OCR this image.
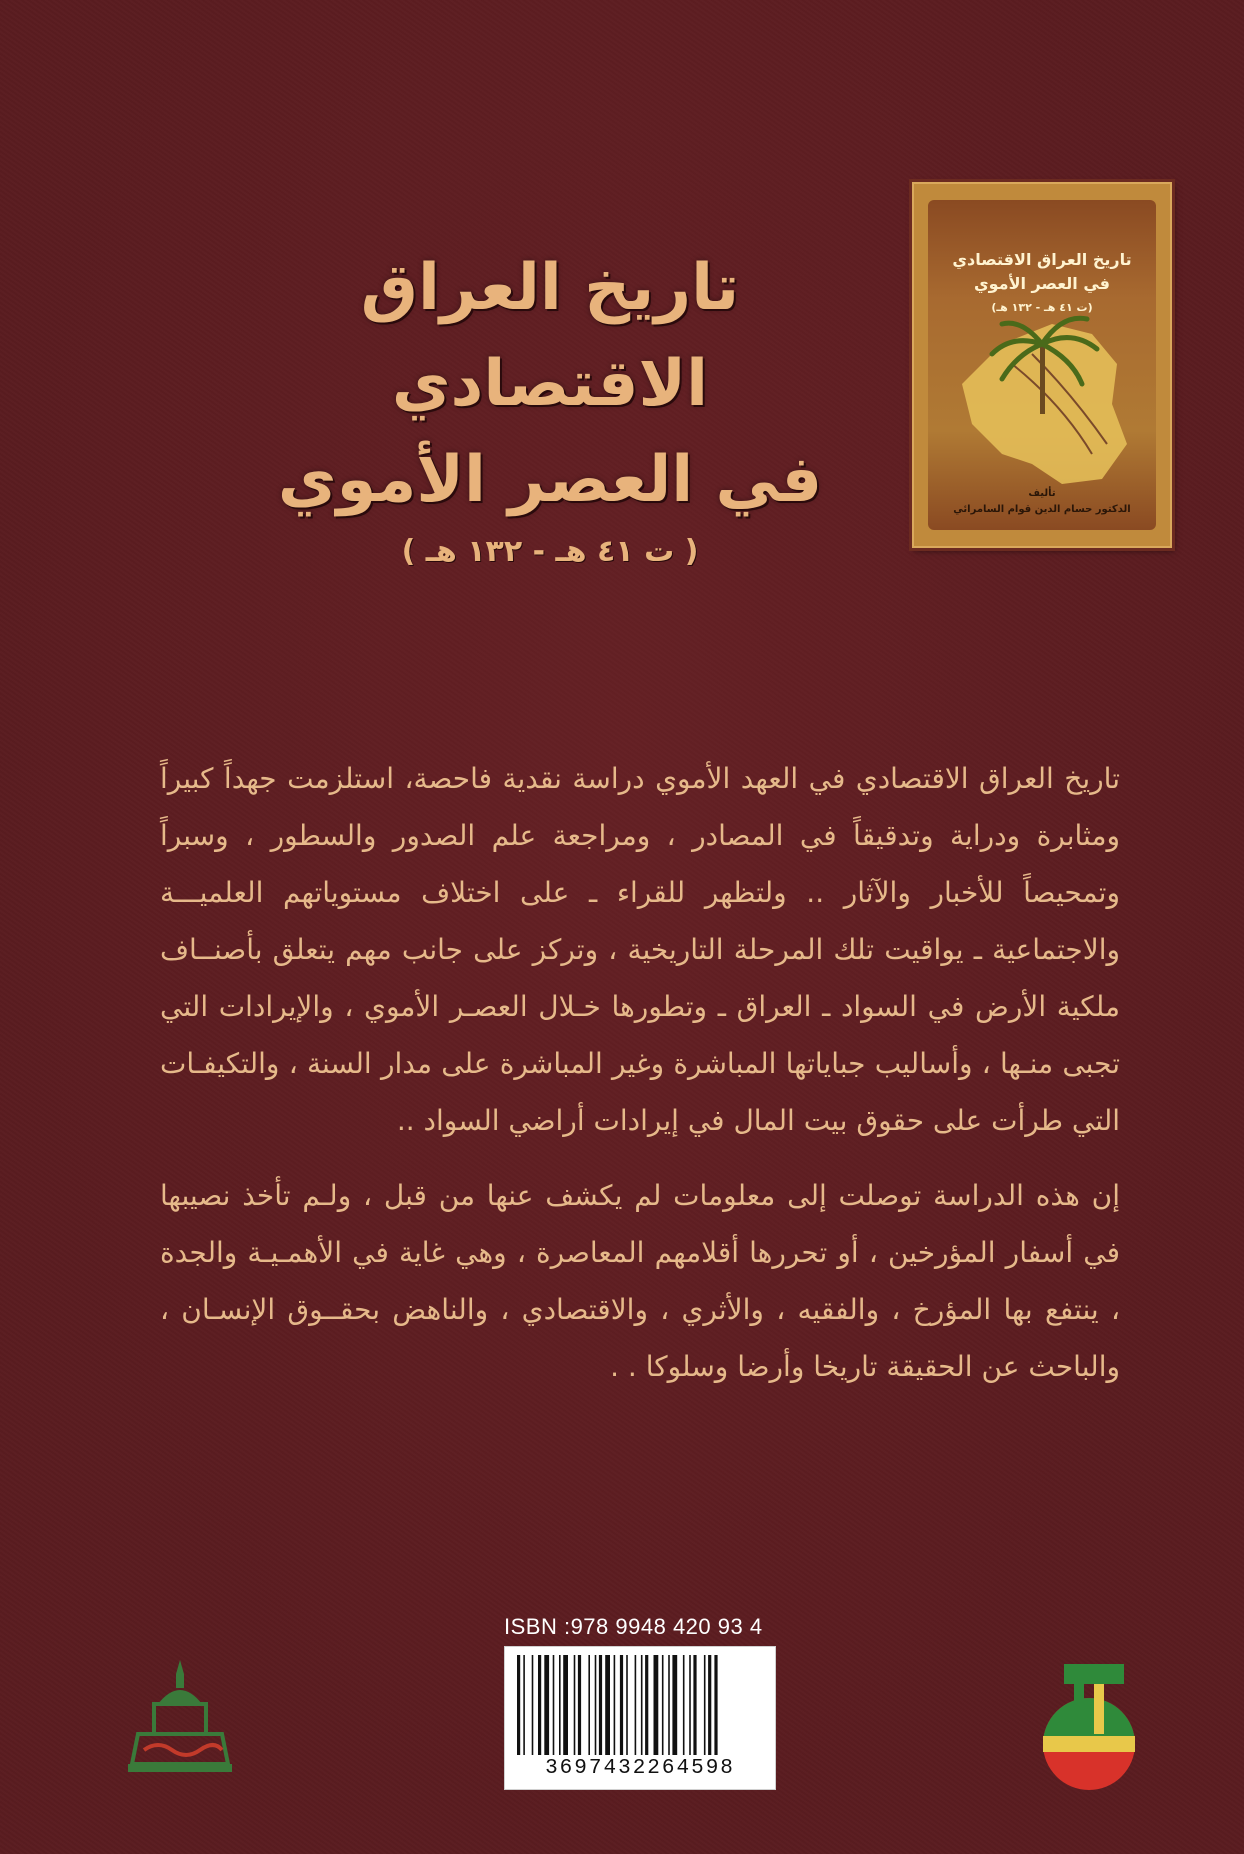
تاريخ العراق الاقتصادي
في العصر الأموي
( ت ٤١ هـ - ١٣٢ هـ )
تاريخ العراق الاقتصادي
في العصر الأموي
(ت ٤١ هـ - ١٣٢ هـ)
تأليف
الدكتور حسام الدين قوام السامرائي

تاريخ العراق الاقتصادي في العهد الأموي دراسة نقدية فاحصة، استلزمت جهداً كبيراً ومثابرة ودراية وتدقيقاً في المصادر ، ومراجعة علم الصدور والسطور ، وسبراً وتمحيصاً للأخبار والآثار .. ولتظهر للقراء ـ على اختلاف مستوياتهم العلميـــة والاجتماعية ـ يواقيت تلك المرحلة التاريخية ، وتركز على جانب مهم يتعلق بأصنــاف ملكية الأرض في السواد ـ العراق ـ وتطورها خـلال العصـر الأموي ، والإيرادات التي تجبى منـها ، وأساليب جباياتها المباشرة وغير المباشرة على مدار السنة ، والتكيفـات التي طرأت على حقوق بيت المال في إيرادات أراضي السواد ..

إن هذه الدراسة توصلت إلى معلومات لم يكشف عنها من قبل ، ولـم تأخذ نصيبها في أسفار المؤرخين ، أو تحررها أقلامهم المعاصرة ، وهي غاية في الأهمـيـة والجدة ، ينتفع بها المؤرخ ، والفقيه ، والأثري ، والاقتصادي ، والناهض بحقــوق الإنسـان ، والباحث عن الحقيقة تاريخا وأرضا وسلوكا . .

ISBN :978 9948 420 93 4
3697432264598
